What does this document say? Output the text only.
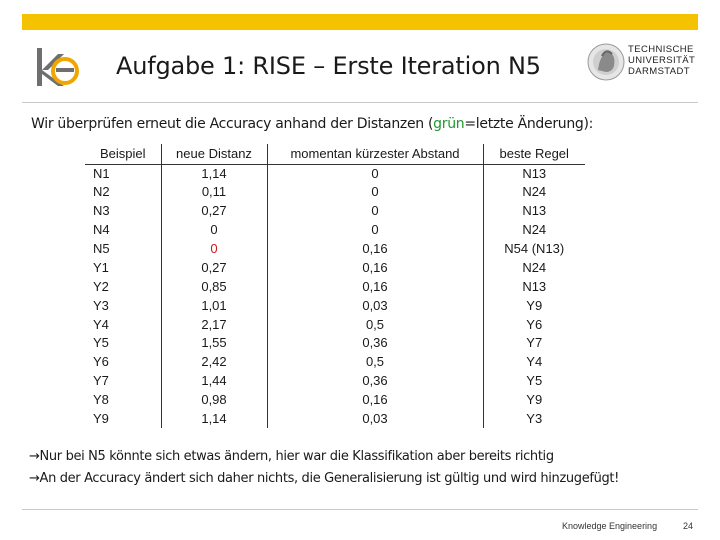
Aufgabe 1: RISE – Erste Iteration N5
TECHNISCHE
UNIVERSITÄT
DARMSTADT
Wir überprüfen erneut die Accuracy anhand der Distanzen (grün=letzte Änderung):
Beispiel	neue Distanz	momentan kürzester Abstand	beste Regel
N1	1,14	0	N13
N2	0,11	0	N24
N3	0,27	0	N13
N4	0	0	N24
N5	0	0,16	N54 (N13)
Y1	0,27	0,16	N24
Y2	0,85	0,16	N13
Y3	1,01	0,03	Y9
Y4	2,17	0,5	Y6
Y5	1,55	0,36	Y7
Y6	2,42	0,5	Y4
Y7	1,44	0,36	Y5
Y8	0,98	0,16	Y9
Y9	1,14	0,03	Y3
→Nur bei N5 könnte sich etwas ändern, hier war die Klassifikation aber bereits richtig
→An der Accuracy ändert sich daher nichts, die Generalisierung ist gültig und wird hinzugefügt!
Knowledge Engineering	24
